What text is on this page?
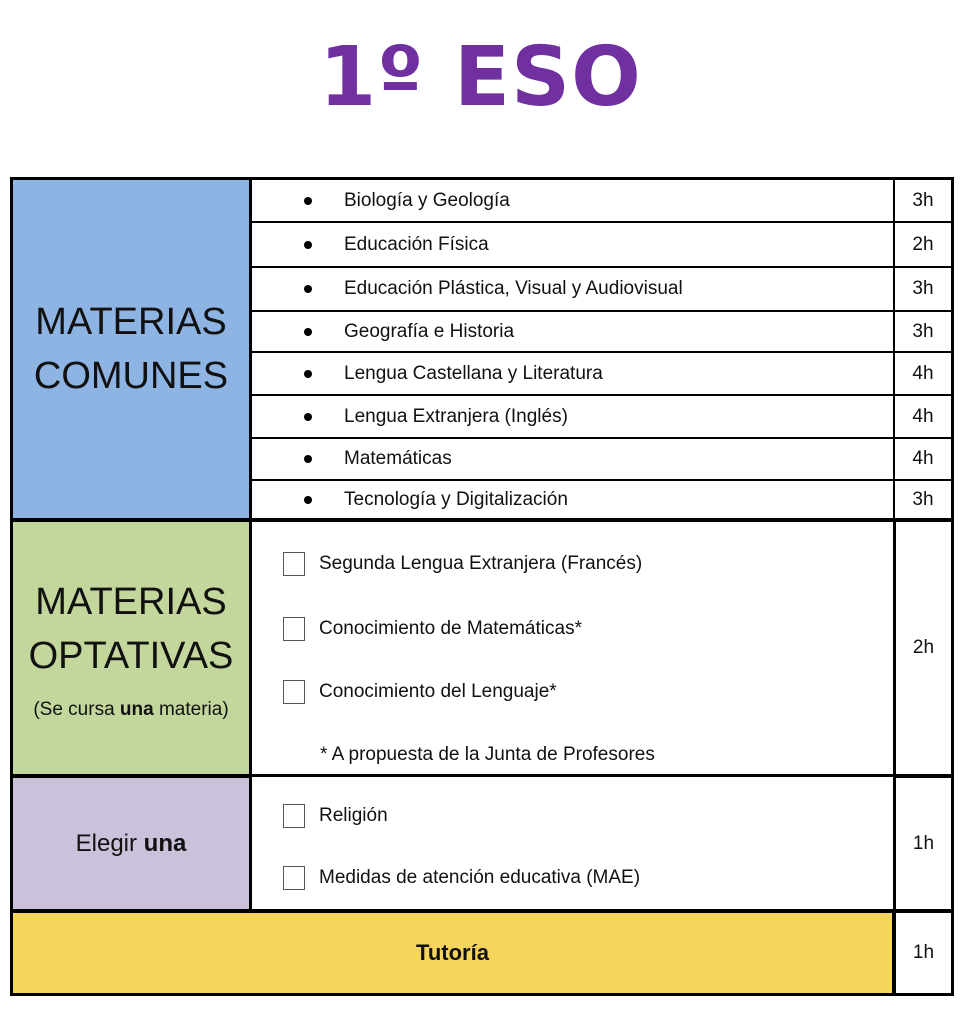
1º ESO
MATERIAS
COMUNES
Biología y Geología	3h
Educación Física	2h
Educación Plástica, Visual y Audiovisual	3h
Geografía e Historia	3h
Lengua Castellana y Literatura	4h
Lengua Extranjera (Inglés)	4h
Matemáticas	4h
Tecnología y Digitalización	3h
MATERIAS
OPTATIVAS
(Se cursa una materia)
2h
Segunda Lengua Extranjera (Francés)
Conocimiento de Matemáticas*
Conocimiento del Lenguaje*
* A propuesta de la Junta de Profesores
Elegir una	1h
Religión
Medidas de atención educativa (MAE)
Tutoría	1h
